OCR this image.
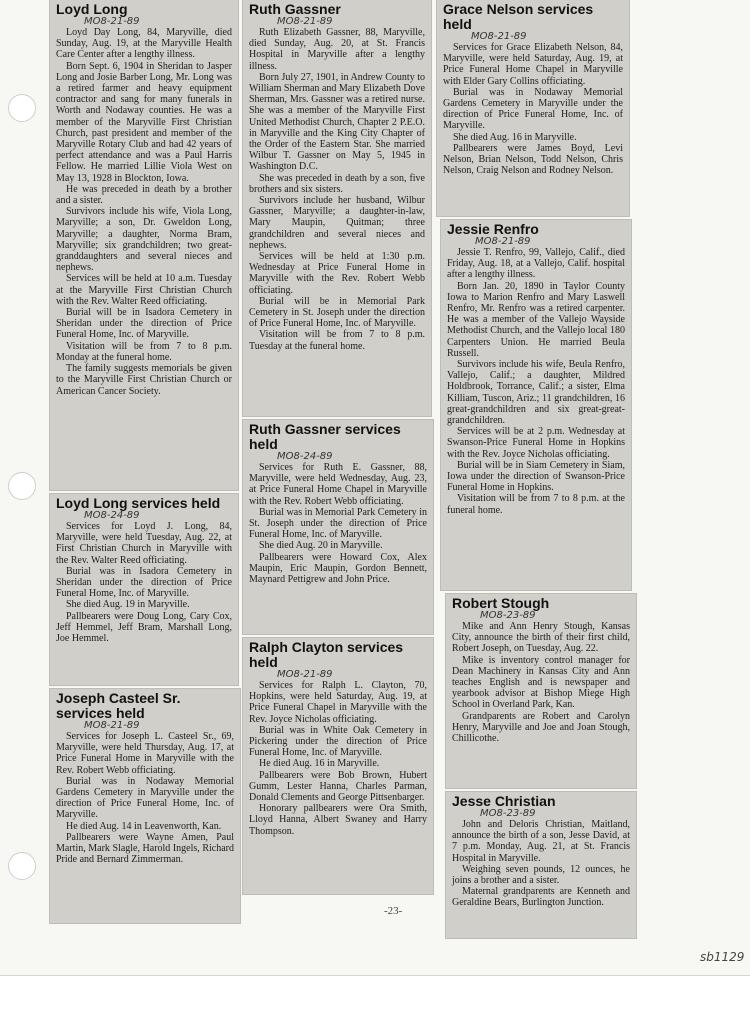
Loyd Long
MO8-21-89

Loyd Day Long, 84, Maryville, died Sunday, Aug. 19, at the Maryville Health Care Center after a lengthy illness.

Born Sept. 6, 1904 in Sheridan to Jasper Long and Josie Barber Long, Mr. Long was a retired farmer and heavy equipment contractor and sang for many funerals in Worth and Nodaway counties. He was a member of the Maryville First Christian Church, past president and member of the Maryville Rotary Club and had 42 years of perfect attendance and was a Paul Harris Fellow. He married Lillie Viola West on May 13, 1928 in Blockton, Iowa.

He was preceded in death by a brother and a sister.

Survivors include his wife, Viola Long, Maryville; a son, Dr. Gweldon Long, Maryville; a daughter, Norma Bram, Maryville; six grandchildren; two great-granddaughters and several nieces and nephews.

Services will be held at 10 a.m. Tuesday at the Maryville First Christian Church with the Rev. Walter Reed officiating.

Burial will be in Isadora Cemetery in Sheridan under the direction of Price Funeral Home, Inc. of Maryville.

Visitation will be from 7 to 8 p.m. Monday at the funeral home.

The family suggests memorials be given to the Maryville First Christian Church or American Cancer Society.

Loyd Long services held
MO8-24-89

Services for Loyd J. Long, 84, Maryville, were held Tuesday, Aug. 22, at First Christian Church in Maryville with the Rev. Walter Reed officiating.

Burial was in Isadora Cemetery in Sheridan under the direction of Price Funeral Home, Inc. of Maryville.

She died Aug. 19 in Maryville.

Pallbearers were Doug Long, Cary Cox, Jeff Hemmel, Jeff Bram, Marshall Long, Joe Hemmel.

Joseph Casteel Sr. services held
MO8-21-89

Services for Joseph L. Casteel Sr., 69, Maryville, were held Thursday, Aug. 17, at Price Funeral Home in Maryville with the Rev. Robert Webb officiating.

Burial was in Nodaway Memorial Gardens Cemetery in Maryville under the direction of Price Funeral Home, Inc. of Maryville.

He died Aug. 14 in Leavenworth, Kan.

Pallbearers were Wayne Amen, Paul Martin, Mark Slagle, Harold Ingels, Richard Pride and Bernard Zimmerman.

Ruth Gassner
MO8-21-89

Ruth Elizabeth Gassner, 88, Maryville, died Sunday, Aug. 20, at St. Francis Hospital in Maryville after a lengthy illness.

Born July 27, 1901, in Andrew County to William Sherman and Mary Elizabeth Dove Sherman, Mrs. Gassner was a retired nurse. She was a member of the Maryville First United Methodist Church, Chapter 2 P.E.O. in Maryville and the King City Chapter of the Order of the Eastern Star. She married Wilbur T. Gassner on May 5, 1945 in Washington D.C.

She was preceded in death by a son, five brothers and six sisters.

Survivors include her husband, Wilbur Gassner, Maryville; a daughter-in-law, Mary Maupin, Quitman; three grandchildren and several nieces and nephews.

Services will be held at 1:30 p.m. Wednesday at Price Funeral Home in Maryville with the Rev. Robert Webb officiating.

Burial will be in Memorial Park Cemetery in St. Joseph under the direction of Price Funeral Home, Inc. of Maryville.

Visitation will be from 7 to 8 p.m. Tuesday at the funeral home.

Ruth Gassner services held
MO8-24-89

Services for Ruth E. Gassner, 88, Maryville, were held Wednesday, Aug. 23, at Price Funeral Home Chapel in Maryville with the Rev. Robert Webb officiating.

Burial was in Memorial Park Cemetery in St. Joseph under the direction of Price Funeral Home, Inc. of Maryville.

She died Aug. 20 in Maryville.

Pallbearers were Howard Cox, Alex Maupin, Eric Maupin, Gordon Bennett, Maynard Pettigrew and John Price.

Ralph Clayton services held
MO8-21-89

Services for Ralph L. Clayton, 70, Hopkins, were held Saturday, Aug. 19, at Price Funeral Chapel in Maryville with the Rev. Joyce Nicholas officiating.

Burial was in White Oak Cemetery in Pickering under the direction of Price Funeral Home, Inc. of Maryville.

He died Aug. 16 in Maryville.

Pallbearers were Bob Brown, Hubert Gumm, Lester Hanna, Charles Parman, Donald Clements and George Pittsenbarger.

Honorary pallbearers were Ora Smith, Lloyd Hanna, Albert Swaney and Harry Thompson.

Grace Nelson services held
MO8-21-89

Services for Grace Elizabeth Nelson, 84, Maryville, were held Saturday, Aug. 19, at Price Funeral Home Chapel in Maryville with Elder Gary Collins officiating.

Burial was in Nodaway Memorial Gardens Cemetery in Maryville under the direction of Price Funeral Home, Inc. of Maryville.

She died Aug. 16 in Maryville.

Pallbearers were James Boyd, Levi Nelson, Brian Nelson, Todd Nelson, Chris Nelson, Craig Nelson and Rodney Nelson.

Jessie Renfro
MO8-21-89

Jessie T. Renfro, 99, Vallejo, Calif., died Friday, Aug. 18, at a Vallejo, Calif. hospital after a lengthy illness.

Born Jan. 20, 1890 in Taylor County Iowa to Marion Renfro and Mary Laswell Renfro, Mr. Renfro was a retired carpenter. He was a member of the Vallejo Wayside Methodist Church, and the Vallejo local 180 Carpenters Union. He married Beula Russell.

Survivors include his wife, Beula Renfro, Vallejo, Calif.; a daughter, Mildred Holdbrook, Torrance, Calif.; a sister, Elma Killiam, Tuscon, Ariz.; 11 grandchildren, 16 great-grandchildren and six great-great-grandchildren.

Services will be at 2 p.m. Wednesday at Swanson-Price Funeral Home in Hopkins with the Rev. Joyce Nicholas officiating.

Burial will be in Siam Cemetery in Siam, Iowa under the direction of Swanson-Price Funeral Home in Hopkins.

Visitation will be from 7 to 8 p.m. at the funeral home.

Robert Stough
MO8-23-89

Mike and Ann Henry Stough, Kansas City, announce the birth of their first child, Robert Joseph, on Tuesday, Aug. 22.

Mike is inventory control manager for Dean Machinery in Kansas City and Ann teaches English and is newspaper and yearbook advisor at Bishop Miege High School in Overland Park, Kan.

Grandparents are Robert and Carolyn Henry, Maryville and Joe and Joan Stough, Chillicothe.

Jesse Christian
MO8-23-89

John and Deloris Christian, Maitland, announce the birth of a son, Jesse David, at 7 p.m. Monday, Aug. 21, at St. Francis Hospital in Maryville.

Weighing seven pounds, 12 ounces, he joins a brother and a sister.

Maternal grandparents are Kenneth and Geraldine Bears, Burlington Junction.

-23-
sb1129
